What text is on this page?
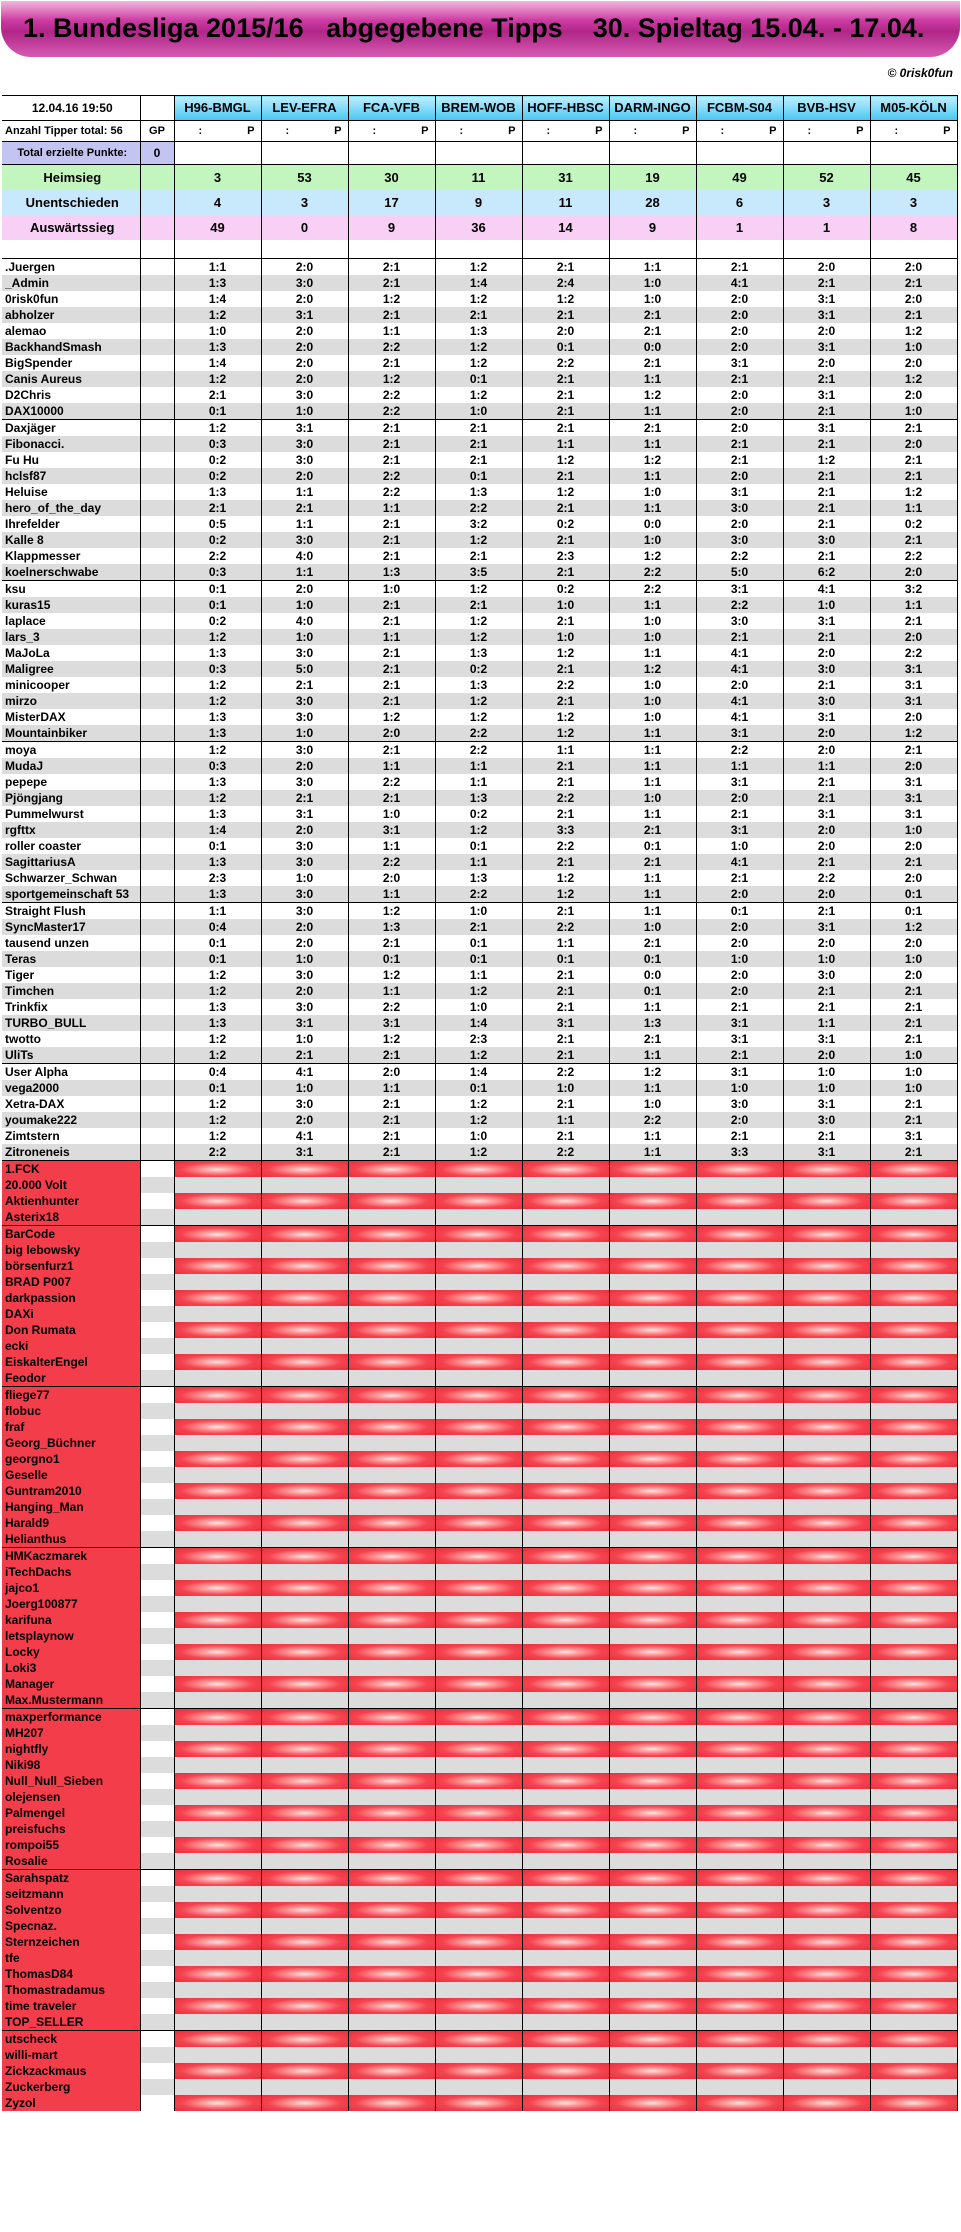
1. Bundesliga 2015/16   abgegebene Tipps    30. Spieltag 15.04. - 17.04.
© 0risk0fun
12.04.16 19:50		H96-BMGL	LEV-EFRA	FCA-VFB	BREM-WOB	HOFF-HBSC	DARM-INGO	FCBM-S04	BVB-HSV	M05-KÖLN
Anzahl Tipper total: 56	GP	: P	: P	: P	: P	: P	: P	: P	: P	: P

Total erzielte Punkte:	0									
Heimsieg		3	53	30	11	31	19	49	52	45
Unentschieden		4	3	17	9	11	28	6	3	3
Auswärtssieg		49	0	9	36	14	9	1	1	8

.Juergen		1:1	2:0	2:1	1:2	2:1	1:1	2:1	2:0	2:0
_Admin		1:3	3:0	2:1	1:4	2:4	1:0	4:1	2:1	2:1
0risk0fun		1:4	2:0	1:2	1:2	1:2	1:0	2:0	3:1	2:0
abholzer		1:2	3:1	2:1	2:1	2:1	2:1	2:0	3:1	2:1
alemao		1:0	2:0	1:1	1:3	2:0	2:1	2:0	2:0	1:2
BackhandSmash		1:3	2:0	2:2	1:2	0:1	0:0	2:0	3:1	1:0
BigSpender		1:4	2:0	2:1	1:2	2:2	2:1	3:1	2:0	2:0
Canis Aureus		1:2	2:0	1:2	0:1	2:1	1:1	2:1	2:1	1:2
D2Chris		2:1	3:0	2:2	1:2	2:1	1:2	2:0	3:1	2:0
DAX10000		0:1	1:0	2:2	1:0	2:1	1:1	2:0	2:1	1:0
Daxjäger		1:2	3:1	2:1	2:1	2:1	2:1	2:0	3:1	2:1
Fibonacci.		0:3	3:0	2:1	2:1	1:1	1:1	2:1	2:1	2:0
Fu Hu		0:2	3:0	2:1	2:1	1:2	1:2	2:1	1:2	2:1
hclsf87		0:2	2:0	2:2	0:1	2:1	1:1	2:0	2:1	2:1
Heluise		1:3	1:1	2:2	1:3	1:2	1:0	3:1	2:1	1:2
hero_of_the_day		2:1	2:1	1:1	2:2	2:1	1:1	3:0	2:1	1:1
Ihrefelder		0:5	1:1	2:1	3:2	0:2	0:0	2:0	2:1	0:2
Kalle 8		0:2	3:0	2:1	1:2	2:1	1:0	3:0	3:0	2:1
Klappmesser		2:2	4:0	2:1	2:1	2:3	1:2	2:2	2:1	2:2
koelnerschwabe		0:3	1:1	1:3	3:5	2:1	2:2	5:0	6:2	2:0
ksu		0:1	2:0	1:0	1:2	0:2	2:2	3:1	4:1	3:2
kuras15		0:1	1:0	2:1	2:1	1:0	1:1	2:2	1:0	1:1
laplace		0:2	4:0	2:1	1:2	2:1	1:0	3:0	3:1	2:1
lars_3		1:2	1:0	1:1	1:2	1:0	1:0	2:1	2:1	2:0
MaJoLa		1:3	3:0	2:1	1:3	1:2	1:1	4:1	2:0	2:2
Maligree		0:3	5:0	2:1	0:2	2:1	1:2	4:1	3:0	3:1
minicooper		1:2	2:1	2:1	1:3	2:2	1:0	2:0	2:1	3:1
mirzo		1:2	3:0	2:1	1:2	2:1	1:0	4:1	3:0	3:1
MisterDAX		1:3	3:0	1:2	1:2	1:2	1:0	4:1	3:1	2:0
Mountainbiker		1:3	1:0	2:0	2:2	1:2	1:1	3:1	2:0	1:2
moya		1:2	3:0	2:1	2:2	1:1	1:1	2:2	2:0	2:1
MudaJ		0:3	2:0	1:1	1:1	2:1	1:1	1:1	1:1	2:0
pepepe		1:3	3:0	2:2	1:1	2:1	1:1	3:1	2:1	3:1
Pjöngjang		1:2	2:1	2:1	1:3	2:2	1:0	2:0	2:1	3:1
Pummelwurst		1:3	3:1	1:0	0:2	2:1	1:1	2:1	3:1	3:1
rgfttx		1:4	2:0	3:1	1:2	3:3	2:1	3:1	2:0	1:0
roller coaster		0:1	3:0	1:1	0:1	2:2	0:1	1:0	2:0	2:0
SagittariusA		1:3	3:0	2:2	1:1	2:1	2:1	4:1	2:1	2:1
Schwarzer_Schwan		2:3	1:0	2:0	1:3	1:2	1:1	2:1	2:2	2:0
sportgemeinschaft 53		1:3	3:0	1:1	2:2	1:2	1:1	2:0	2:0	0:1
Straight Flush		1:1	3:0	1:2	1:0	2:1	1:1	0:1	2:1	0:1
SyncMaster17		0:4	2:0	1:3	2:1	2:2	1:0	2:0	3:1	1:2
tausend unzen		0:1	2:0	2:1	0:1	1:1	2:1	2:0	2:0	2:0
Teras		0:1	1:0	0:1	0:1	0:1	0:1	1:0	1:0	1:0
Tiger		1:2	3:0	1:2	1:1	2:1	0:0	2:0	3:0	2:0
Timchen		1:2	2:0	1:1	1:2	2:1	0:1	2:0	2:1	2:1
Trinkfix		1:3	3:0	2:2	1:0	2:1	1:1	2:1	2:1	2:1
TURBO_BULL		1:3	3:1	3:1	1:4	3:1	1:3	3:1	1:1	2:1
twotto		1:2	1:0	1:2	2:3	2:1	2:1	3:1	3:1	2:1
UliTs		1:2	2:1	2:1	1:2	2:1	1:1	2:1	2:0	1:0
User Alpha		0:4	4:1	2:0	1:4	2:2	1:2	3:1	1:0	1:0
vega2000		0:1	1:0	1:1	0:1	1:0	1:1	1:0	1:0	1:0
Xetra-DAX		1:2	3:0	2:1	1:2	2:1	1:0	3:0	3:1	2:1
youmake222		1:2	2:0	2:1	1:2	1:1	2:2	2:0	3:0	2:1
Zimtstern		1:2	4:1	2:1	1:0	2:1	1:1	2:1	2:1	3:1
Zitroneneis		2:2	3:1	2:1	1:2	2:2	1:1	3:3	3:1	2:1
1.FCK										
20.000 Volt										
Aktienhunter										
Asterix18										
BarCode										
big lebowsky										
börsenfurz1										
BRAD P007										
darkpassion										
DAXi										
Don Rumata										
ecki										
EiskalterEngel										
Feodor										
fliege77										
flobuc										
fraf										
Georg_Büchner										
georgno1										
Geselle										
Guntram2010										
Hanging_Man										
Harald9										
Helianthus										
HMKaczmarek										
iTechDachs										
jajco1										
Joerg100877										
karifuna										
letsplaynow										
Locky										
Loki3										
Manager										
Max.Mustermann										
maxperformance										
MH207										
nightfly										
Niki98										
Null_Null_Sieben										
olejensen										
Palmengel										
preisfuchs										
rompoi55										
Rosalie										
Sarahspatz										
seitzmann										
Solventzo										
Specnaz.										
Sternzeichen										
tfe										
ThomasD84										
Thomastradamus										
time traveler										
TOP_SELLER										
utscheck										
willi-mart										
Zickzackmaus										
Zuckerberg										
Zyzol										
